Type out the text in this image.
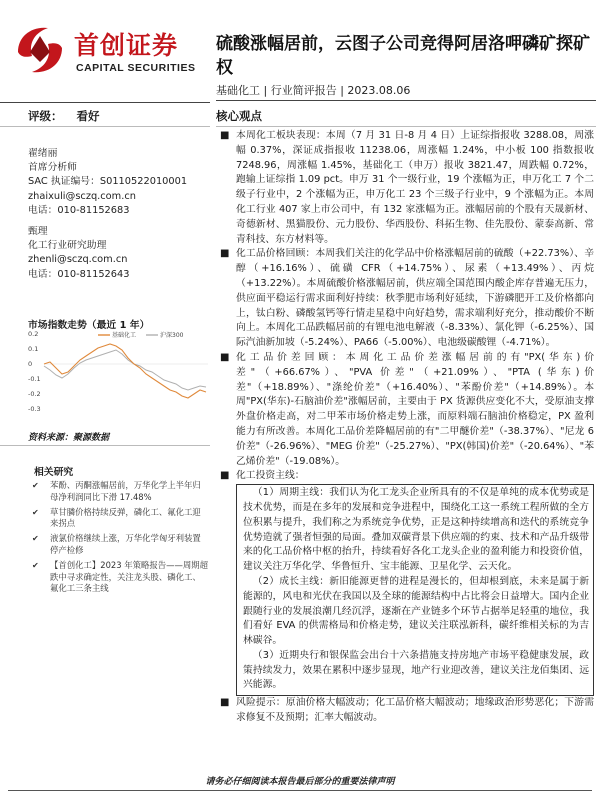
首创证券
CAPITAL SECURITIES
硫酸涨幅居前，云图子公司竞得阿居洛呷磷矿探矿权
基础化工 | 行业简评报告 | 2023.08.06
评级： 看好
翟绪丽
首席分析师
SAC 执证编号：S0110522010001
zhaixuli@sczq.com.cn
电话：010-81152683
甄理
化工行业研究助理
zhenli@sczq.com.cn
电话：010-81152643
市场指数走势（最近 1 年）
0.2
0.1
0
-0.1
-0.2
-0.3
基础化工	沪深300
资料来源：聚源数据
相关研究
✔ 苯酚、丙酮涨幅居前，万华化学上半年归母净利润同比下滑 17.48%
✔ 草甘膦价格持续反弹，磷化工、氟化工迎来拐点
✔ 液氯价格继续上涨，万华化学匈牙利装置停产检修
✔ 【首创化工】2023 年策略报告——周期超跌中寻求确定性，关注龙头股、磷化工、氟化工三条主线
核心观点
■ 本周化工板块表现：本周（7 月 31 日-8 月 4 日）上证综指报收 3288.08，周涨幅 0.37%，深证成指报收 11238.06，周涨幅 1.24%，中小板 100 指数报收 7248.96，周涨幅 1.45%，基础化工（申万）报收 3821.47，周跌幅 0.72%，跑输上证综指 1.09 pct。申万 31 个一级行业，19 个涨幅为正，申万化工 7 个二级子行业中，2 个涨幅为正，申万化工 23 个三级子行业中，9 个涨幅为正。本周化工行业 407 家上市公司中，有 132 家涨幅为正。涨幅居前的个股有天晟新材、奇德新材、黑猫股份、元力股份、华西股份、科拓生物、佳先股份、蒙泰高新、常青科技、东方材料等。
■ 化工品价格回顾：本周我们关注的化学品中价格涨幅居前的硫酸（+22.73%）、辛醇（+16.16%）、硫磺 CFR（+14.75%）、尿素（+13.49%）、丙烷（+13.22%）。本周硫酸价格涨幅居前，供应端全国范围内酸企库存普遍无压力，供应面平稳运行需求面利好持续：秋季肥市场利好延续，下游磷肥开工及价格都向上，钛白粉、磷酸氢钙等行情走星稳中向好趋势，需求端利好充分，推动酸价不断向上。本周化工品跌幅居前的有锂电池电解液（-8.33%）、氯化钾（-6.25%）、国际汽油新加坡（-5.24%）、PA66（-5.00%）、电池级碳酸锂（-4.71%）。
■ 化工品价差回顾：本周化工品价差涨幅居前的有"PX(华东)价差"（+66.67%）、"PVA 价差"（+21.09%）、"PTA (华东)价差"（+18.89%）、"涤纶价差"（+16.40%）、"苯酚价差"（+14.89%）。本周"PX(华东)-石脑油价差"涨幅居前，主要由于 PX 货源供应变化不大，受原油支撑外盘价格走高，对二甲苯市场价格走势上涨，而原料端石脑油价格稳定，PX 盈利能力有所改善。本周化工品价差降幅居前的有"二甲醚价差"（-38.37%）、"尼龙 6 价差"（-26.96%）、"MEG 价差"（-25.27%）、"PX(韩国)价差"（-20.64%）、"苯乙烯价差"（-19.08%）。
■ 化工投资主线：

（1）周期主线：我们认为化工龙头企业所具有的不仅是单纯的成本优势或是技术优势，而是在多年的发展和竞争进程中，围绕化工这一系统工程所做的全方位积累与提升，我们称之为系统竞争优势，正是这种持续增高和迭代的系统竞争优势造就了强者恒强的局面。叠加双碳背景下供应端的约束、技术和产品升级带来的化工品价格中枢的抬升，持续看好各化工龙头企业的盈利能力和投资价值，建议关注万华化学、华鲁恒升、宝丰能源、卫星化学、云天化。

（2）成长主线：新旧能源更替的进程是漫长的，但却根到底，未来是属于新能源的，风电和光伏在我国以及全球的能源结构中占比将会日益增大。国内企业跟随行业的发展浪潮几经沉浮，逐渐在产业链多个环节占据举足轻重的地位，我们看好 EVA 的供需格局和价格走势，建议关注联泓新科，碳纤维相关标的为吉林碳谷。

（3）近期央行和银保监会出台十六条措施支持房地产市场平稳健康发展，政策持续发力，效果在累积中逐步显现，地产行业迎改善，建议关注龙佰集团、远兴能源。

■ 风险提示：原油价格大幅波动；化工品价格大幅波动；地缘政治形势恶化；下游需求修复不及预期；汇率大幅波动。
请务必仔细阅读本报告最后部分的重要法律声明
